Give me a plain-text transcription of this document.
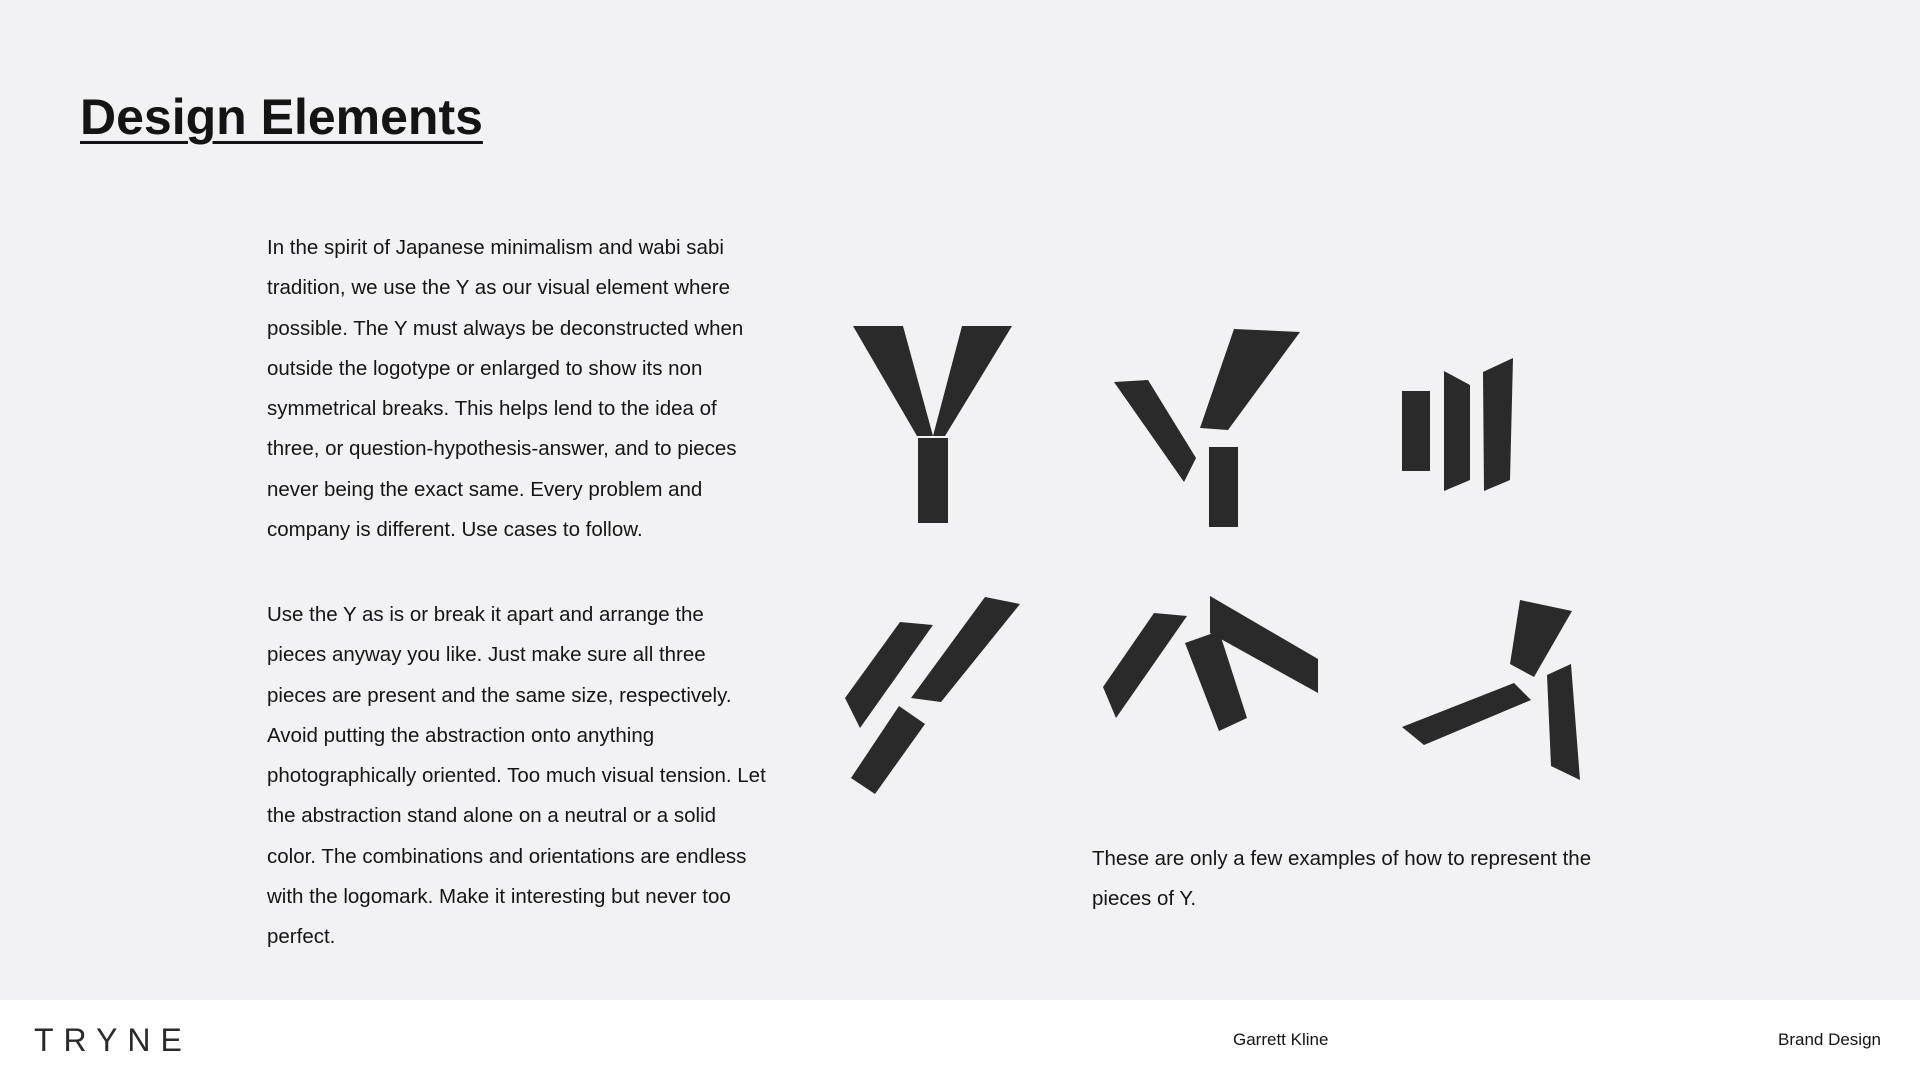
Design Elements

In the spirit of Japanese minimalism and wabi sabi tradition, we use the Y as our visual element where possible. The Y must always be deconstructed when outside the logotype or enlarged to show its non symmetrical breaks. This helps lend to the idea of three, or question-hypothesis-answer, and to pieces never being the exact same. Every problem and company is different. Use cases to follow.

Use the Y as is or break it apart and arrange the pieces anyway you like. Just make sure all three pieces are present and the same size, respectively. Avoid putting the abstraction onto anything photographically oriented. Too much visual tension. Let the abstraction stand alone on a neutral or a solid color. The combinations and orientations are endless with the logomark. Make it interesting but never too perfect.

These are only a few examples of how to represent the pieces of Y.

TRYNE	Garrett Kline	Brand Design
